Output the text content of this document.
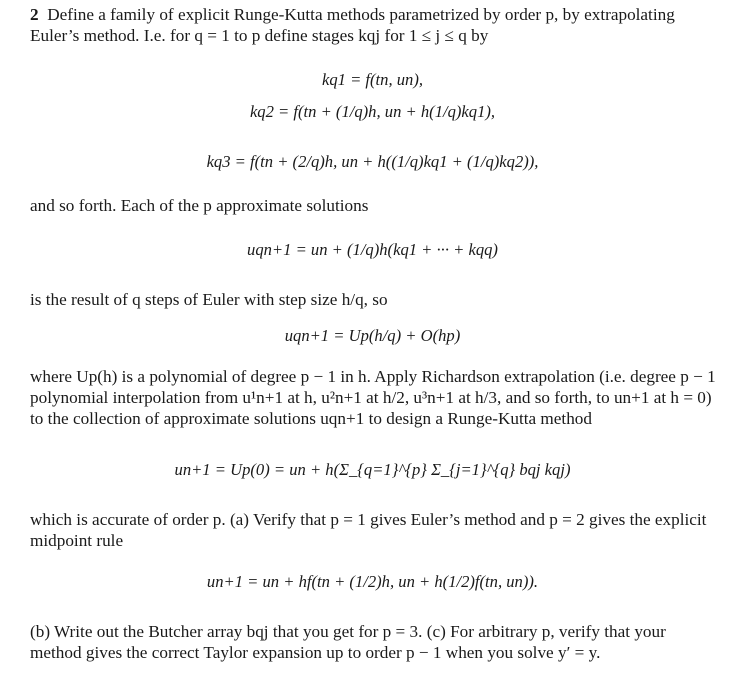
2 Define a family of explicit Runge-Kutta methods parametrized by order p, by extrapolating Euler’s method. I.e. for q = 1 to p define stages kqj for 1 ≤ j ≤ q by
kq1 = f(tn, un),
kq2 = f(tn + (1/q)h, un + h(1/q)kq1),
kq3 = f(tn + (2/q)h, un + h((1/q)kq1 + (1/q)kq2)),
and so forth. Each of the p approximate solutions
uqn+1 = un + (1/q)h(kq1 + ··· + kqq)
is the result of q steps of Euler with step size h/q, so
uqn+1 = Up(h/q) + O(hp)
where Up(h) is a polynomial of degree p − 1 in h. Apply Richardson extrapolation (i.e. degree p − 1 polynomial interpolation from u¹n+1 at h, u²n+1 at h/2, u³n+1 at h/3, and so forth, to un+1 at h = 0) to the collection of approximate solutions uqn+1 to design a Runge-Kutta method
un+1 = Up(0) = un + h(Σ_{q=1}^{p} Σ_{j=1}^{q} bqj kqj)
which is accurate of order p. (a) Verify that p = 1 gives Euler’s method and p = 2 gives the explicit midpoint rule
un+1 = un + hf(tn + (1/2)h, un + h(1/2)f(tn, un)).
(b) Write out the Butcher array bqj that you get for p = 3. (c) For arbitrary p, verify that your method gives the correct Taylor expansion up to order p − 1 when you solve y′ = y.
